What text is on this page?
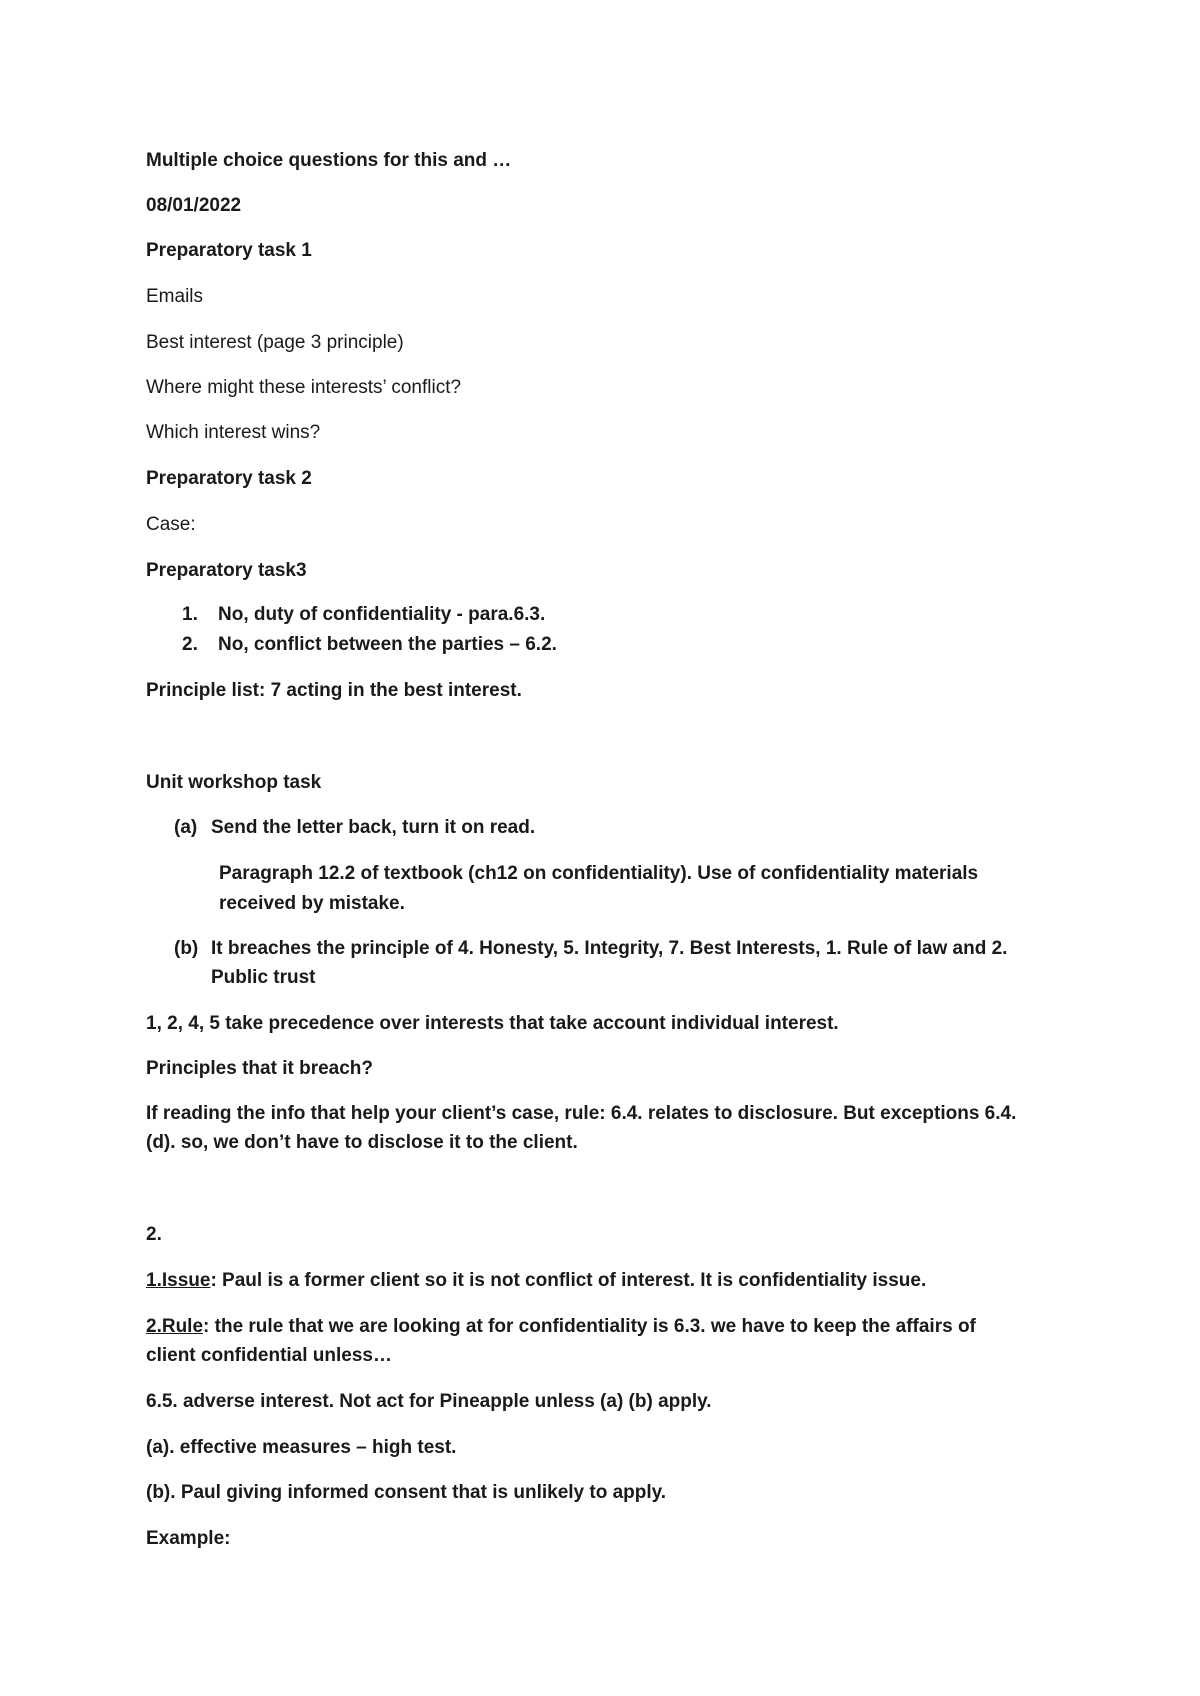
Multiple choice questions for this and …
08/01/2022
Preparatory task 1
Emails
Best interest (page 3 principle)
Where might these interests’ conflict?
Which interest wins?
Preparatory task 2
Case:
Preparatory task3
1. No, duty of confidentiality - para.6.3.
2. No, conflict between the parties – 6.2.
Principle list: 7 acting in the best interest.
Unit workshop task
(a) Send the letter back, turn it on read.
Paragraph 12.2 of textbook (ch12 on confidentiality). Use of confidentiality materials
received by mistake.
(b) It breaches the principle of 4. Honesty, 5. Integrity, 7. Best Interests, 1. Rule of law and 2.
Public trust
1, 2, 4, 5 take precedence over interests that take account individual interest.
Principles that it breach?
If reading the info that help your client’s case, rule: 6.4. relates to disclosure. But exceptions 6.4.
(d). so, we don’t have to disclose it to the client.
2.
1.Issue: Paul is a former client so it is not conflict of interest. It is confidentiality issue.
2.Rule: the rule that we are looking at for confidentiality is 6.3. we have to keep the affairs of
client confidential unless…
6.5. adverse interest. Not act for Pineapple unless (a) (b) apply.
(a). effective measures – high test.
(b). Paul giving informed consent that is unlikely to apply.
Example:
